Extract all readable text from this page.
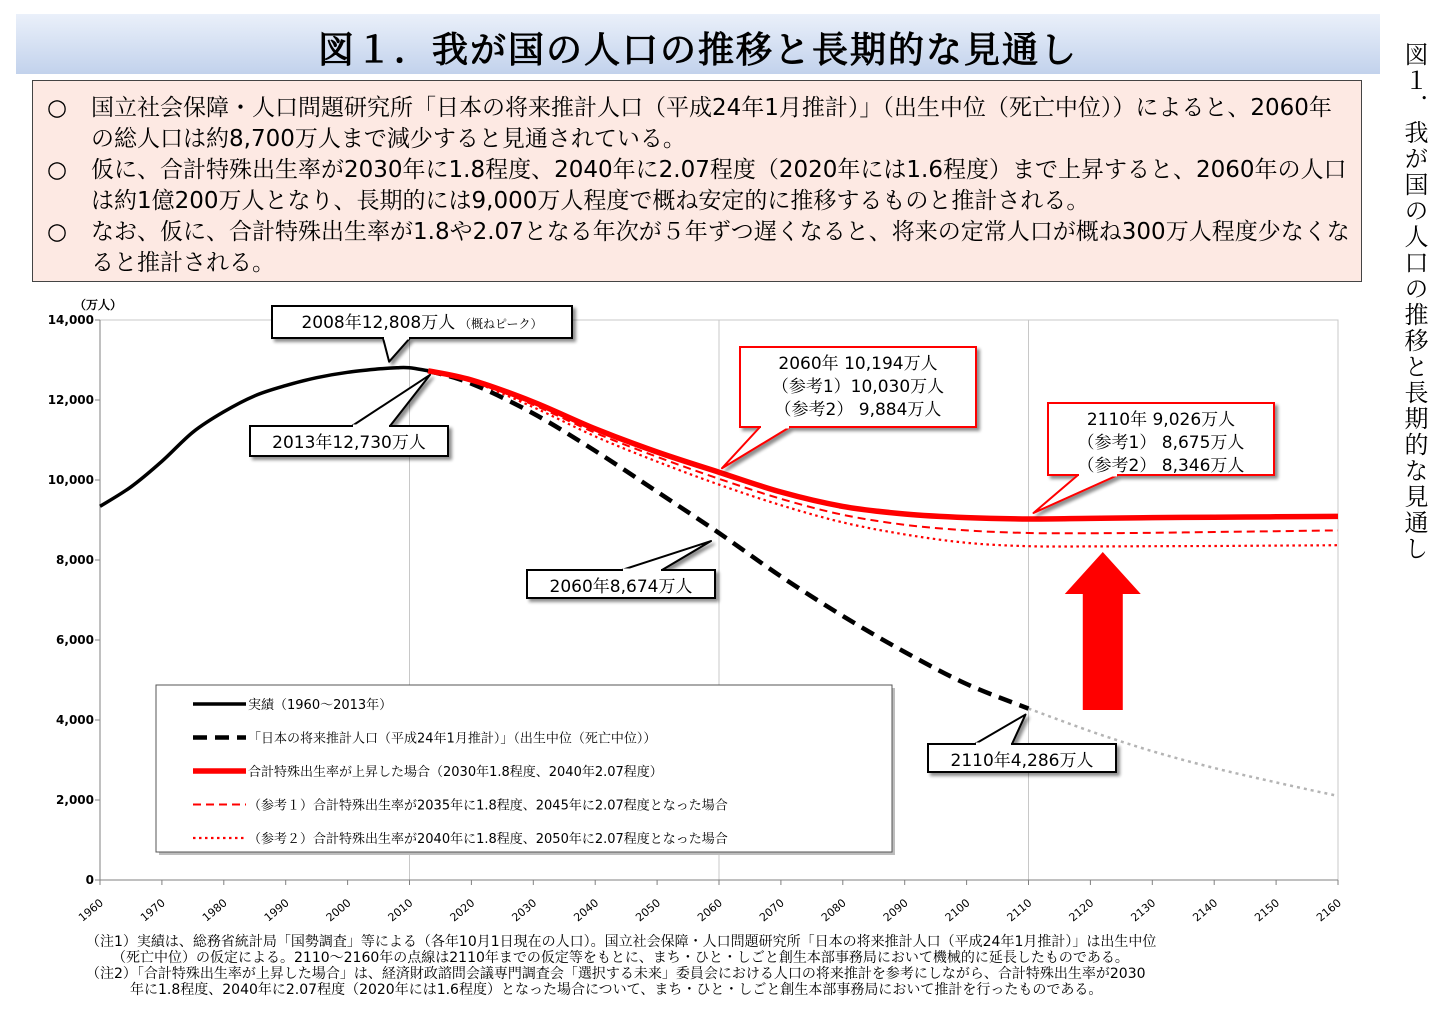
図１．我が国の人口の推移と長期的な見通し	図１．我が国の人口の推移と長期的な見通し

○ 国立社会保障・人口問題研究所「日本の将来推計人口（平成24年1月推計）」（出生中位（死亡中位））によると、2060年の総人口は約8,700万人まで減少すると見通されている。

○ 仮に、合計特殊出生率が2030年に1.8程度、2040年に2.07程度（2020年には1.6程度）まで上昇すると、2060年の人口は約1億200万人となり、長期的には9,000万人程度で概ね安定的に推移するものと推計される。

○ なお、仮に、合計特殊出生率が1.8や2.07となる年次が５年ずつ遅くなると、将来の定常人口が概ね300万人程度少なくなると推計される。

0
2,000
4,000
6,000
8,000
10,000
12,000
14,000
1960	1970	1980	1990	2000	2010	2020	2030	2040	2050	2060	2070	2080	2090	2100	2110	2120	2130	2140	2150	2160
（万人）
2008年12,808万人 （概ねピーク）
2013年12,730万人
2060年 10,194万人
（参考1）10,030万人
（参考2） 9,884万人	2110年 9,026万人
（参考1） 8,675万人
（参考2） 8,346万人
2060年8,674万人
2110年4,286万人
実績（1960～2013年）
「日本の将来推計人口（平成24年1月推計）」（出生中位（死亡中位））
合計特殊出生率が上昇した場合（2030年1.8程度、2040年2.07程度）
（参考１）合計特殊出生率が2035年に1.8程度、2045年に2.07程度となった場合
（参考２）合計特殊出生率が2040年に1.8程度、2050年に2.07程度となった場合
（注1）実績は、総務省統計局「国勢調査」等による（各年10月1日現在の人口）。国立社会保障・人口問題研究所「日本の将来推計人口（平成24年1月推計）」は出生中位
（死亡中位）の仮定による。2110～2160年の点線は2110年までの仮定等をもとに、まち・ひと・しごと創生本部事務局において機械的に延長したものである。
（注2）「合計特殊出生率が上昇した場合」は、経済財政諮問会議専門調査会「選択する未来」委員会における人口の将来推計を参考にしながら、合計特殊出生率が2030
年に1.8程度、2040年に2.07程度（2020年には1.6程度）となった場合について、まち・ひと・しごと創生本部事務局において推計を行ったものである。
